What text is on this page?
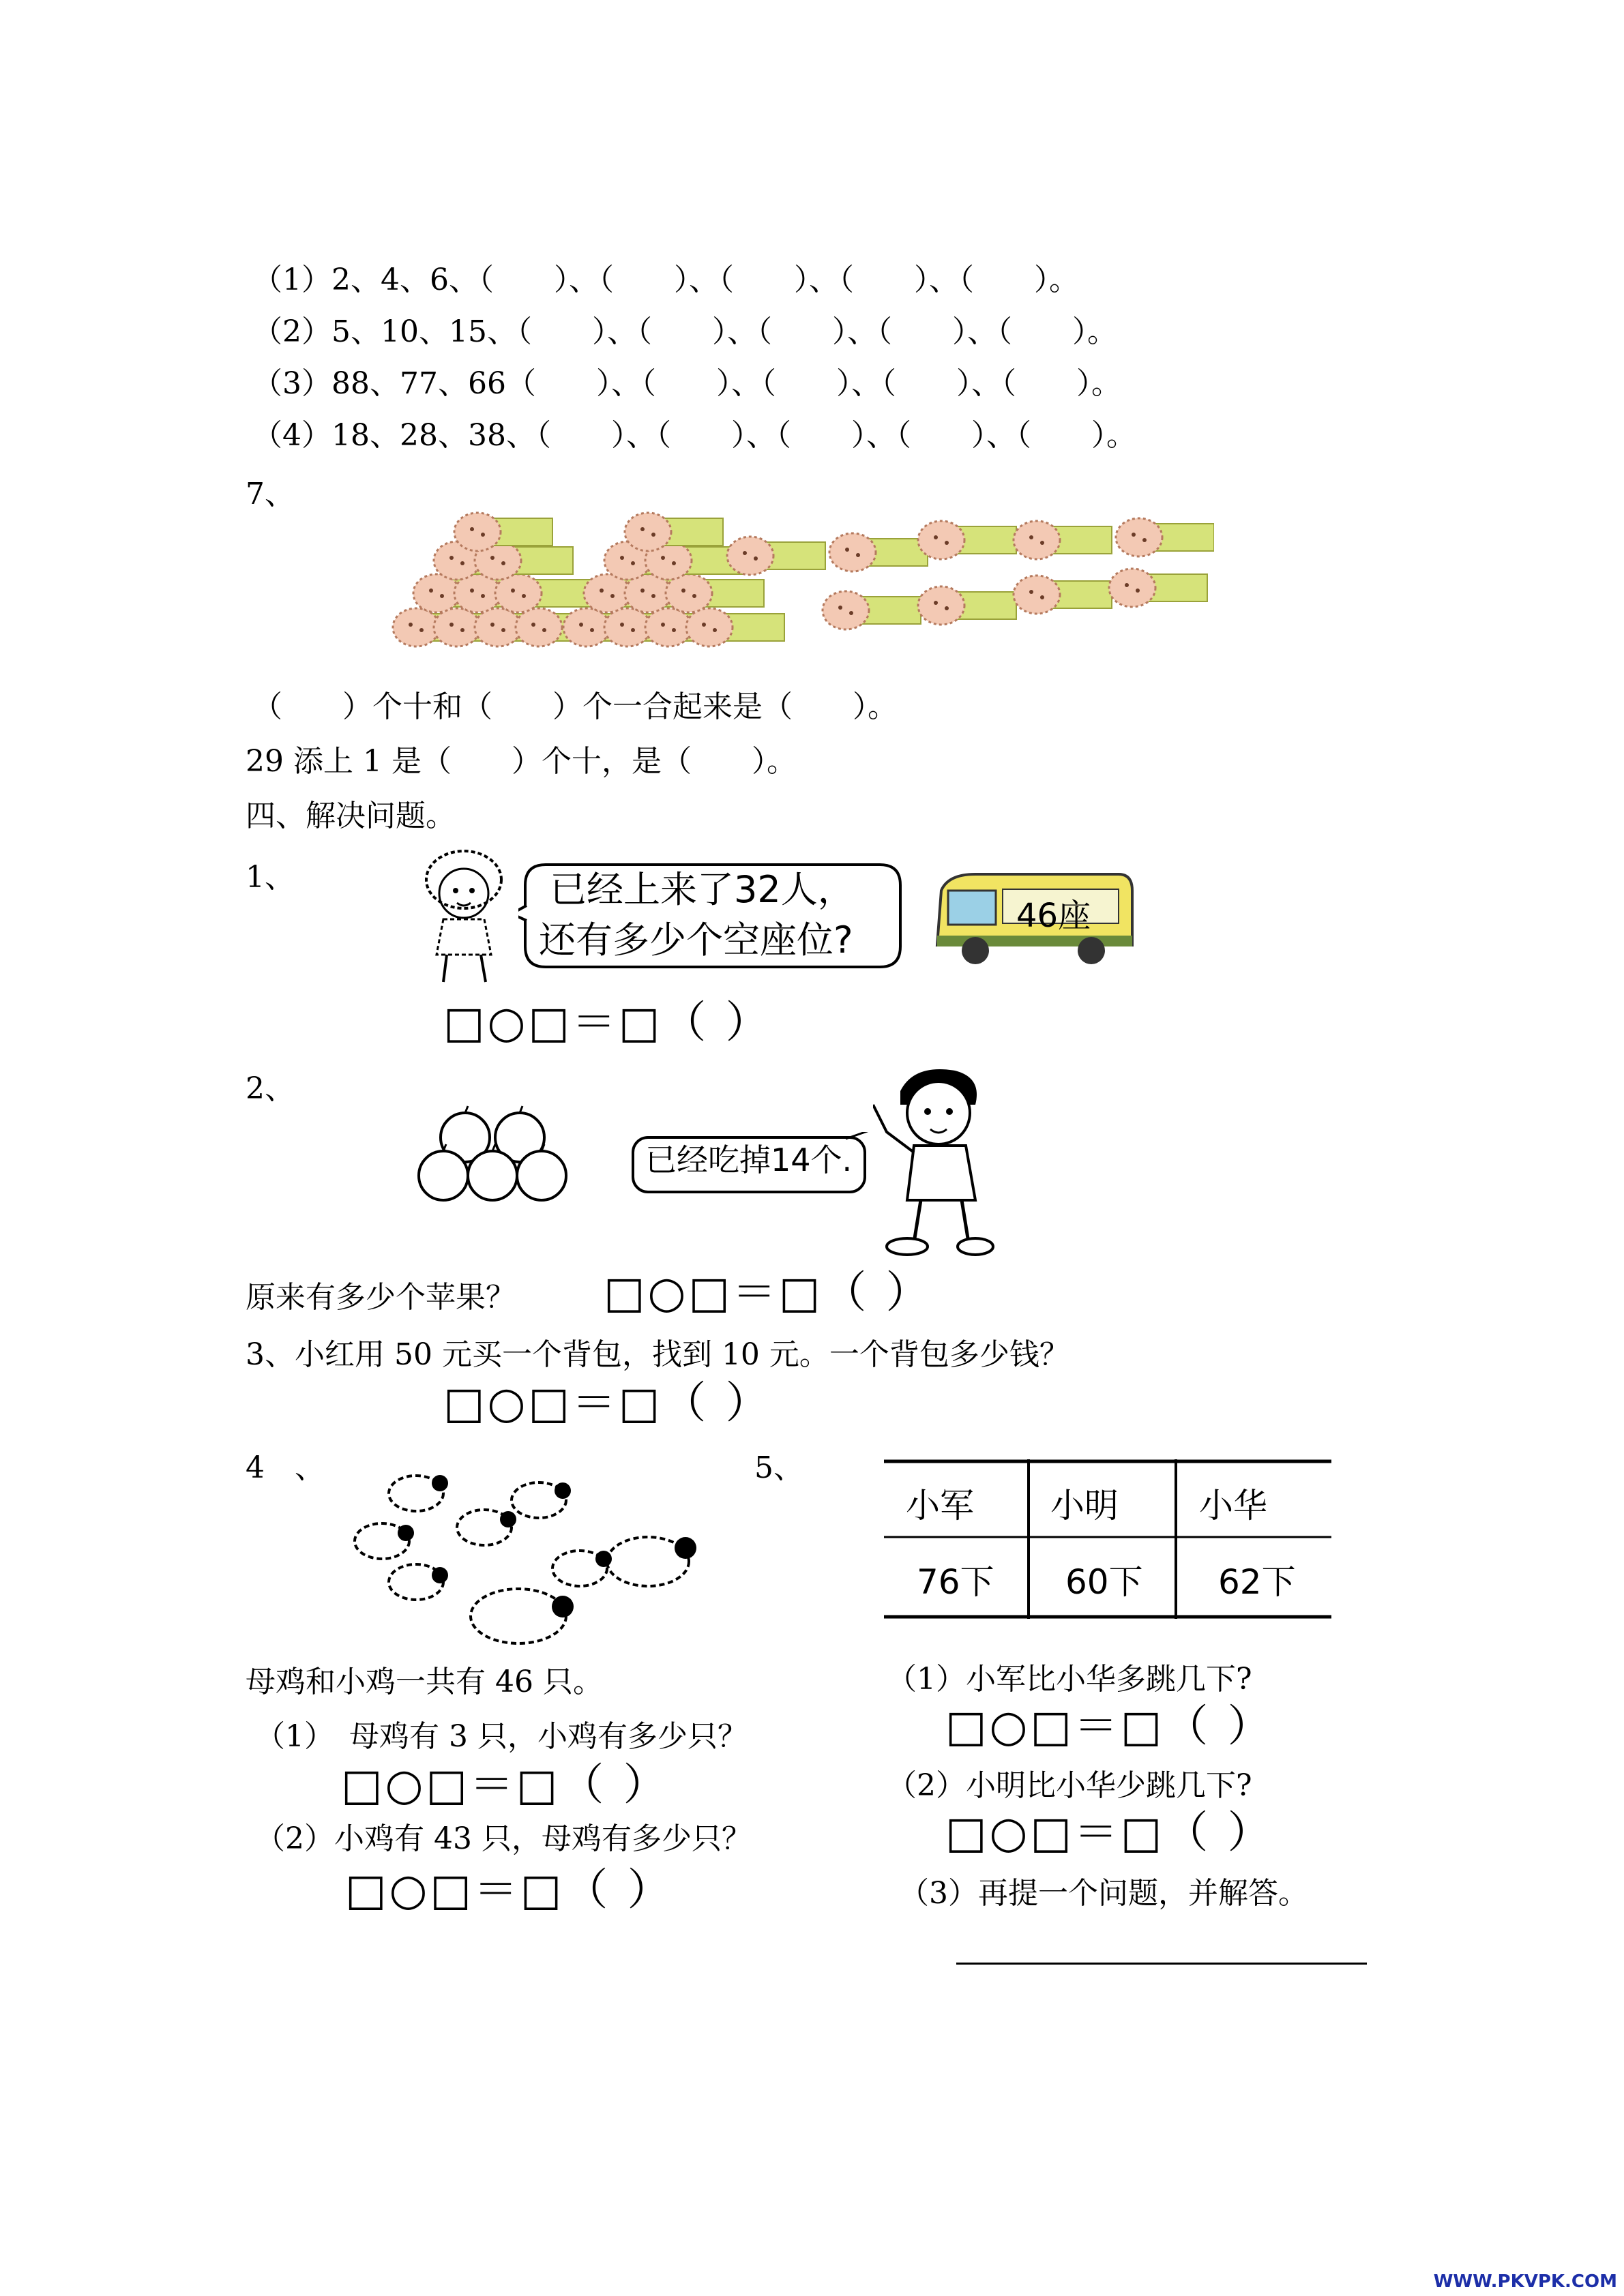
（1）2、4、6、（　　）、（　　）、（　　）、（　　）、（　　）。
（2）5、10、15、（　　）、（　　）、（　　）、（　　）、（　　）。
（3）88、77、66（　　）、（　　）、（　　）、（　　）、（　　）。
（4）18、28、38、（　　）、（　　）、（　　）、（　　）、（　　）。
7、
（　　）个十和（　　）个一合起来是（　　）。
29 添上 1 是（　　）个十，是（　　）。
四、解决问题。
1、	已经上来了32人，
还有多少个空座位?
46座
□○□＝□（ ）
2、
已经吃掉14个.
原来有多少个苹果？ □○□＝□（ ）
3、小红用 50 元买一个背包，找到 10 元。一个背包多少钱？
□○□＝□（ ）
4　、
母鸡和小鸡一共有 46 只。
（1）　母鸡有 3 只，小鸡有多少只？
□○□＝□（ ）
（2）小鸡有 43 只，母鸡有多少只？
□○□＝□（ ）
5、
小军 小明 小华
76下 60下 62下
（1）小军比小华多跳几下?
□○□＝□（ ）
（2）小明比小华少跳几下?
□○□＝□（ ）
（3）再提一个问题，并解答。
WWW.PKVPK.COM
